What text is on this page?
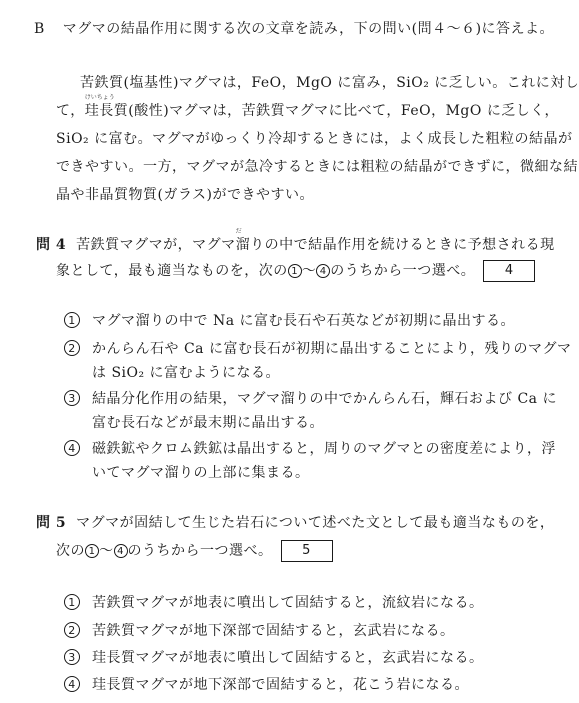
B マグマの結晶作用に関する次の文章を読み，下の問い(問４～６)に答えよ。
苦鉄質(塩基性)マグマは，FeO，MgO に富み，SiO₂ に乏しい。これに対し
て，
けいちょう
珪長質(酸性)マグマは，苦鉄質マグマに比べて，FeO，MgO に乏しく，
SiO₂ に富む。マグマがゆっくり冷却するときには，よく成長した粗粒の結晶が
できやすい。一方，マグマが急冷するときには粗粒の結晶ができずに，微細な結
晶や非晶質物質(ガラス)ができやすい。
問 4 苦鉄質マグマが，マグマ
だ
溜りの中で結晶作用を続けるときに予想される現
象として，最も適当なものを，次の 1 ～ 4 のうちから一つ選べ。 4
1 マグマ溜りの中で Na に富む長石や石英などが初期に晶出する。
2 かんらん石や Ca に富む長石が初期に晶出することにより，残りのマグマ
は SiO₂ に富むようになる。
3 結晶分化作用の結果，マグマ溜りの中でかんらん石，輝石および Ca に
富む長石などが最末期に晶出する。
4 磁鉄鉱やクロム鉄鉱は晶出すると，周りのマグマとの密度差により，浮
いてマグマ溜りの上部に集まる。
問 5 マグマが固結して生じた岩石について述べた文として最も適当なものを，
次の 1 ～ 4 のうちから一つ選べ。 5
1 苦鉄質マグマが地表に噴出して固結すると，流紋岩になる。
2 苦鉄質マグマが地下深部で固結すると，玄武岩になる。
3 珪長質マグマが地表に噴出して固結すると，玄武岩になる。
4 珪長質マグマが地下深部で固結すると，花こう岩になる。
